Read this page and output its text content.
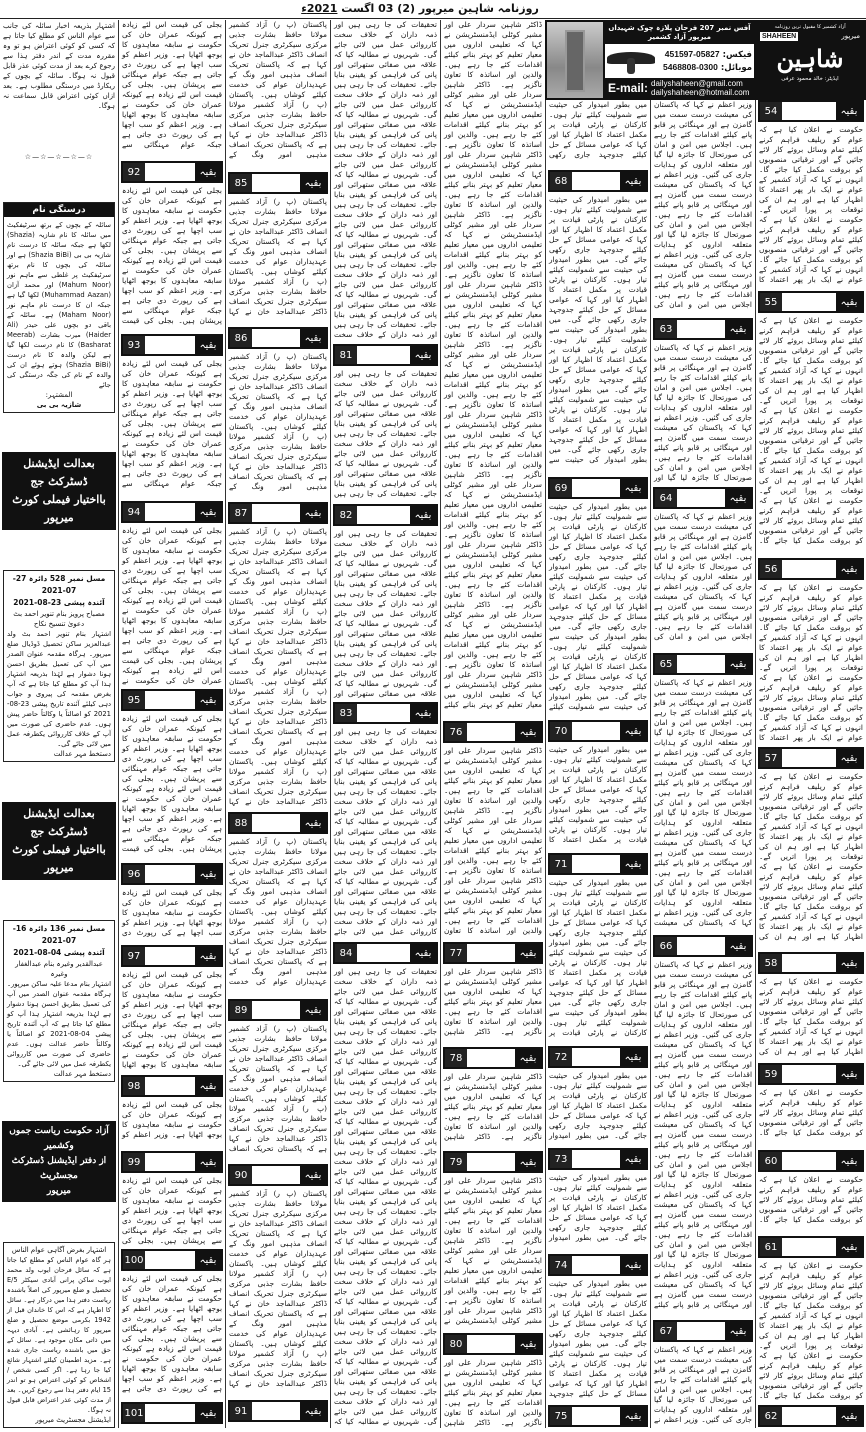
روزنامہ شاہین میرپور (2) 03 اگست 2021ء
آفس نمبر 207 فرحان پلازہ چوک شہیداں میرپور آزاد کشمیر
فیکس: 05827-451597
موبائل: 0300-5468808
E-mail: dailyshaheen@gmail.com
dailyshaheen@hotmail.com
آزاد کشمیر کا مقبول ترین روزنامہ
میرپور
SHAHEEN
شاہین
ایڈیٹر: خالد محمود عرفی
54	بقیہ
حکومت نے اعلان کیا ہے کہ عوام کو ریلیف فراہم کرنے کیلئے تمام وسائل بروئے کار لائے جائیں گے اور ترقیاتی منصوبوں کو بروقت مکمل کیا جائے گا۔ انہوں نے کہا کہ آزاد کشمیر کے عوام نے ایک بار پھر اعتماد کا اظہار کیا ہے اور ہم ان کی توقعات پر پورا اتریں گے۔ حکومت نے اعلان کیا ہے کہ عوام کو ریلیف فراہم کرنے کیلئے تمام وسائل بروئے کار لائے جائیں گے اور ترقیاتی منصوبوں کو بروقت مکمل کیا جائے گا۔ انہوں نے کہا کہ آزاد کشمیر کے عوام نے ایک بار پھر اعتماد کا
55	بقیہ
حکومت نے اعلان کیا ہے کہ عوام کو ریلیف فراہم کرنے کیلئے تمام وسائل بروئے کار لائے جائیں گے اور ترقیاتی منصوبوں کو بروقت مکمل کیا جائے گا۔ انہوں نے کہا کہ آزاد کشمیر کے عوام نے ایک بار پھر اعتماد کا اظہار کیا ہے اور ہم ان کی توقعات پر پورا اتریں گے۔ حکومت نے اعلان کیا ہے کہ عوام کو ریلیف فراہم کرنے کیلئے تمام وسائل بروئے کار لائے جائیں گے اور ترقیاتی منصوبوں کو بروقت مکمل کیا جائے گا۔ انہوں نے کہا کہ آزاد کشمیر کے عوام نے ایک بار پھر اعتماد کا اظہار کیا ہے اور ہم ان کی توقعات پر پورا اتریں گے۔ حکومت نے اعلان کیا ہے کہ عوام کو ریلیف فراہم کرنے کیلئے تمام وسائل بروئے کار لائے جائیں گے اور ترقیاتی منصوبوں کو بروقت مکمل کیا جائے گا۔
56	بقیہ
حکومت نے اعلان کیا ہے کہ عوام کو ریلیف فراہم کرنے کیلئے تمام وسائل بروئے کار لائے جائیں گے اور ترقیاتی منصوبوں کو بروقت مکمل کیا جائے گا۔ انہوں نے کہا کہ آزاد کشمیر کے عوام نے ایک بار پھر اعتماد کا اظہار کیا ہے اور ہم ان کی توقعات پر پورا اتریں گے۔ حکومت نے اعلان کیا ہے کہ عوام کو ریلیف فراہم کرنے کیلئے تمام وسائل بروئے کار لائے جائیں گے اور ترقیاتی منصوبوں کو بروقت مکمل کیا جائے گا۔ انہوں نے کہا کہ آزاد کشمیر کے عوام نے ایک بار پھر اعتماد کا
57	بقیہ
حکومت نے اعلان کیا ہے کہ عوام کو ریلیف فراہم کرنے کیلئے تمام وسائل بروئے کار لائے جائیں گے اور ترقیاتی منصوبوں کو بروقت مکمل کیا جائے گا۔ انہوں نے کہا کہ آزاد کشمیر کے عوام نے ایک بار پھر اعتماد کا اظہار کیا ہے اور ہم ان کی توقعات پر پورا اتریں گے۔ حکومت نے اعلان کیا ہے کہ عوام کو ریلیف فراہم کرنے کیلئے تمام وسائل بروئے کار لائے جائیں گے اور ترقیاتی منصوبوں کو بروقت مکمل کیا جائے گا۔ انہوں نے کہا کہ آزاد کشمیر کے عوام نے ایک بار پھر اعتماد کا اظہار کیا ہے اور ہم ان کی
58	بقیہ
حکومت نے اعلان کیا ہے کہ عوام کو ریلیف فراہم کرنے کیلئے تمام وسائل بروئے کار لائے جائیں گے اور ترقیاتی منصوبوں کو بروقت مکمل کیا جائے گا۔ انہوں نے کہا کہ آزاد کشمیر کے عوام نے ایک بار پھر اعتماد کا اظہار کیا ہے اور ہم ان کی
59	بقیہ
حکومت نے اعلان کیا ہے کہ عوام کو ریلیف فراہم کرنے کیلئے تمام وسائل بروئے کار لائے جائیں گے اور ترقیاتی منصوبوں کو بروقت مکمل کیا جائے گا۔
60	بقیہ
حکومت نے اعلان کیا ہے کہ عوام کو ریلیف فراہم کرنے کیلئے تمام وسائل بروئے کار لائے جائیں گے اور ترقیاتی منصوبوں کو بروقت مکمل کیا جائے گا۔
61	بقیہ
حکومت نے اعلان کیا ہے کہ عوام کو ریلیف فراہم کرنے کیلئے تمام وسائل بروئے کار لائے جائیں گے اور ترقیاتی منصوبوں کو بروقت مکمل کیا جائے گا۔ انہوں نے کہا کہ آزاد کشمیر کے عوام نے ایک بار پھر اعتماد کا اظہار کیا ہے اور ہم ان کی توقعات پر پورا اتریں گے۔ حکومت نے اعلان کیا ہے کہ عوام کو ریلیف فراہم کرنے کیلئے تمام وسائل بروئے کار لائے جائیں گے اور ترقیاتی منصوبوں کو بروقت مکمل کیا جائے گا۔
62	بقیہ
وزیر اعظم نے کہا کہ پاکستان کی معیشت درست سمت میں گامزن ہے اور مہنگائی پر قابو پانے کیلئے اقدامات کئے جا رہے ہیں۔ اجلاس میں امن و امان کی صورتحال کا جائزہ لیا گیا اور متعلقہ اداروں کو ہدایات جاری کی گئیں۔ وزیر اعظم نے کہا کہ پاکستان کی معیشت درست سمت میں گامزن ہے اور مہنگائی پر قابو پانے کیلئے اقدامات کئے جا رہے ہیں۔ اجلاس میں امن و امان کی صورتحال کا جائزہ لیا گیا اور متعلقہ اداروں کو ہدایات جاری کی گئیں۔ وزیر اعظم نے کہا کہ پاکستان کی معیشت درست سمت میں گامزن ہے اور مہنگائی پر قابو پانے کیلئے اقدامات کئے جا رہے ہیں۔ اجلاس میں امن و امان کی
63	بقیہ
وزیر اعظم نے کہا کہ پاکستان کی معیشت درست سمت میں گامزن ہے اور مہنگائی پر قابو پانے کیلئے اقدامات کئے جا رہے ہیں۔ اجلاس میں امن و امان کی صورتحال کا جائزہ لیا گیا اور متعلقہ اداروں کو ہدایات جاری کی گئیں۔ وزیر اعظم نے کہا کہ پاکستان کی معیشت درست سمت میں گامزن ہے اور مہنگائی پر قابو پانے کیلئے اقدامات کئے جا رہے ہیں۔ اجلاس میں امن و امان کی صورتحال کا جائزہ لیا گیا اور
64	بقیہ
وزیر اعظم نے کہا کہ پاکستان کی معیشت درست سمت میں گامزن ہے اور مہنگائی پر قابو پانے کیلئے اقدامات کئے جا رہے ہیں۔ اجلاس میں امن و امان کی صورتحال کا جائزہ لیا گیا اور متعلقہ اداروں کو ہدایات جاری کی گئیں۔ وزیر اعظم نے کہا کہ پاکستان کی معیشت درست سمت میں گامزن ہے اور مہنگائی پر قابو پانے کیلئے اقدامات کئے جا رہے ہیں۔ اجلاس میں امن و امان کی
65	بقیہ
وزیر اعظم نے کہا کہ پاکستان کی معیشت درست سمت میں گامزن ہے اور مہنگائی پر قابو پانے کیلئے اقدامات کئے جا رہے ہیں۔ اجلاس میں امن و امان کی صورتحال کا جائزہ لیا گیا اور متعلقہ اداروں کو ہدایات جاری کی گئیں۔ وزیر اعظم نے کہا کہ پاکستان کی معیشت درست سمت میں گامزن ہے اور مہنگائی پر قابو پانے کیلئے اقدامات کئے جا رہے ہیں۔ اجلاس میں امن و امان کی صورتحال کا جائزہ لیا گیا اور متعلقہ اداروں کو ہدایات جاری کی گئیں۔ وزیر اعظم نے کہا کہ پاکستان کی معیشت درست سمت میں گامزن ہے اور مہنگائی پر قابو پانے کیلئے اقدامات کئے جا رہے ہیں۔ اجلاس میں امن و امان کی صورتحال کا جائزہ لیا گیا اور متعلقہ اداروں کو ہدایات جاری کی گئیں۔ وزیر اعظم نے کہا کہ پاکستان کی معیشت
66	بقیہ
وزیر اعظم نے کہا کہ پاکستان کی معیشت درست سمت میں گامزن ہے اور مہنگائی پر قابو پانے کیلئے اقدامات کئے جا رہے ہیں۔ اجلاس میں امن و امان کی صورتحال کا جائزہ لیا گیا اور متعلقہ اداروں کو ہدایات جاری کی گئیں۔ وزیر اعظم نے کہا کہ پاکستان کی معیشت درست سمت میں گامزن ہے اور مہنگائی پر قابو پانے کیلئے اقدامات کئے جا رہے ہیں۔ اجلاس میں امن و امان کی صورتحال کا جائزہ لیا گیا اور متعلقہ اداروں کو ہدایات جاری کی گئیں۔ وزیر اعظم نے کہا کہ پاکستان کی معیشت درست سمت میں گامزن ہے اور مہنگائی پر قابو پانے کیلئے اقدامات کئے جا رہے ہیں۔ اجلاس میں امن و امان کی صورتحال کا جائزہ لیا گیا اور متعلقہ اداروں کو ہدایات جاری کی گئیں۔ وزیر اعظم نے کہا کہ پاکستان کی معیشت درست سمت میں گامزن ہے اور مہنگائی پر قابو پانے کیلئے اقدامات کئے جا رہے ہیں۔ اجلاس میں امن و امان کی صورتحال کا جائزہ لیا گیا اور متعلقہ اداروں کو ہدایات جاری کی گئیں۔ وزیر اعظم نے کہا کہ پاکستان کی معیشت درست سمت میں گامزن ہے اور مہنگائی پر قابو پانے کیلئے
67	بقیہ
وزیر اعظم نے کہا کہ پاکستان کی معیشت درست سمت میں گامزن ہے اور مہنگائی پر قابو پانے کیلئے اقدامات کئے جا رہے ہیں۔ اجلاس میں امن و امان کی صورتحال کا جائزہ لیا گیا اور متعلقہ اداروں کو ہدایات جاری کی گئیں۔ وزیر اعظم نے
میں بطور امیدوار کی حیثیت سے شمولیت کیلئے تیار ہوں۔ کارکنان نے پارٹی قیادت پر مکمل اعتماد کا اظہار کیا اور کہا کہ عوامی مسائل کے حل کیلئے جدوجہد جاری رکھی
68	بقیہ
میں بطور امیدوار کی حیثیت سے شمولیت کیلئے تیار ہوں۔ کارکنان نے پارٹی قیادت پر مکمل اعتماد کا اظہار کیا اور کہا کہ عوامی مسائل کے حل کیلئے جدوجہد جاری رکھی جائے گی۔ میں بطور امیدوار کی حیثیت سے شمولیت کیلئے تیار ہوں۔ کارکنان نے پارٹی قیادت پر مکمل اعتماد کا اظہار کیا اور کہا کہ عوامی مسائل کے حل کیلئے جدوجہد جاری رکھی جائے گی۔ میں بطور امیدوار کی حیثیت سے شمولیت کیلئے تیار ہوں۔ کارکنان نے پارٹی قیادت پر مکمل اعتماد کا اظہار کیا اور کہا کہ عوامی مسائل کے حل کیلئے جدوجہد جاری رکھی جائے گی۔ میں بطور امیدوار کی حیثیت سے شمولیت کیلئے تیار ہوں۔ کارکنان نے پارٹی قیادت پر مکمل اعتماد کا اظہار کیا اور کہا کہ عوامی مسائل کے حل کیلئے جدوجہد جاری رکھی جائے گی۔ میں بطور امیدوار کی حیثیت سے
69	بقیہ
میں بطور امیدوار کی حیثیت سے شمولیت کیلئے تیار ہوں۔ کارکنان نے پارٹی قیادت پر مکمل اعتماد کا اظہار کیا اور کہا کہ عوامی مسائل کے حل کیلئے جدوجہد جاری رکھی جائے گی۔ میں بطور امیدوار کی حیثیت سے شمولیت کیلئے تیار ہوں۔ کارکنان نے پارٹی قیادت پر مکمل اعتماد کا اظہار کیا اور کہا کہ عوامی مسائل کے حل کیلئے جدوجہد جاری رکھی جائے گی۔ میں بطور امیدوار کی حیثیت سے شمولیت کیلئے تیار ہوں۔ کارکنان نے پارٹی قیادت پر مکمل اعتماد کا اظہار کیا اور کہا کہ عوامی مسائل کے حل کیلئے جدوجہد جاری رکھی جائے گی۔ میں بطور امیدوار کی حیثیت سے شمولیت کیلئے
70	بقیہ
میں بطور امیدوار کی حیثیت سے شمولیت کیلئے تیار ہوں۔ کارکنان نے پارٹی قیادت پر مکمل اعتماد کا اظہار کیا اور کہا کہ عوامی مسائل کے حل کیلئے جدوجہد جاری رکھی جائے گی۔ میں بطور امیدوار کی حیثیت سے شمولیت کیلئے تیار ہوں۔ کارکنان نے پارٹی قیادت پر مکمل اعتماد کا
71	بقیہ
میں بطور امیدوار کی حیثیت سے شمولیت کیلئے تیار ہوں۔ کارکنان نے پارٹی قیادت پر مکمل اعتماد کا اظہار کیا اور کہا کہ عوامی مسائل کے حل کیلئے جدوجہد جاری رکھی جائے گی۔ میں بطور امیدوار کی حیثیت سے شمولیت کیلئے تیار ہوں۔ کارکنان نے پارٹی قیادت پر مکمل اعتماد کا اظہار کیا اور کہا کہ عوامی مسائل کے حل کیلئے جدوجہد جاری رکھی جائے گی۔ میں بطور امیدوار کی حیثیت سے شمولیت کیلئے تیار ہوں۔ کارکنان نے پارٹی قیادت پر
72	بقیہ
میں بطور امیدوار کی حیثیت سے شمولیت کیلئے تیار ہوں۔ کارکنان نے پارٹی قیادت پر مکمل اعتماد کا اظہار کیا اور کہا کہ عوامی مسائل کے حل کیلئے جدوجہد جاری رکھی جائے گی۔ میں بطور امیدوار
73	بقیہ
میں بطور امیدوار کی حیثیت سے شمولیت کیلئے تیار ہوں۔ کارکنان نے پارٹی قیادت پر مکمل اعتماد کا اظہار کیا اور کہا کہ عوامی مسائل کے حل کیلئے جدوجہد جاری رکھی جائے گی۔ میں بطور امیدوار
74	بقیہ
میں بطور امیدوار کی حیثیت سے شمولیت کیلئے تیار ہوں۔ کارکنان نے پارٹی قیادت پر مکمل اعتماد کا اظہار کیا اور کہا کہ عوامی مسائل کے حل کیلئے جدوجہد جاری رکھی جائے گی۔ میں بطور امیدوار کی حیثیت سے شمولیت کیلئے تیار ہوں۔ کارکنان نے پارٹی قیادت پر مکمل اعتماد کا اظہار کیا اور کہا کہ عوامی مسائل کے حل کیلئے جدوجہد
75	بقیہ
ڈاکٹر شاہین سردار علی اور مشیر کوٹلی ایڈمنسٹریشن نے کہا کہ تعلیمی اداروں میں معیار تعلیم کو بہتر بنانے کیلئے اقدامات کئے جا رہے ہیں۔ والدین اور اساتذہ کا تعاون ناگزیر ہے۔ ڈاکٹر شاہین سردار علی اور مشیر کوٹلی ایڈمنسٹریشن نے کہا کہ تعلیمی اداروں میں معیار تعلیم کو بہتر بنانے کیلئے اقدامات کئے جا رہے ہیں۔ والدین اور اساتذہ کا تعاون ناگزیر ہے۔ ڈاکٹر شاہین سردار علی اور مشیر کوٹلی ایڈمنسٹریشن نے کہا کہ تعلیمی اداروں میں معیار تعلیم کو بہتر بنانے کیلئے اقدامات کئے جا رہے ہیں۔ والدین اور اساتذہ کا تعاون ناگزیر ہے۔ ڈاکٹر شاہین سردار علی اور مشیر کوٹلی ایڈمنسٹریشن نے کہا کہ تعلیمی اداروں میں معیار تعلیم کو بہتر بنانے کیلئے اقدامات کئے جا رہے ہیں۔ والدین اور اساتذہ کا تعاون ناگزیر ہے۔ ڈاکٹر شاہین سردار علی اور مشیر کوٹلی ایڈمنسٹریشن نے کہا کہ تعلیمی اداروں میں معیار تعلیم کو بہتر بنانے کیلئے اقدامات کئے جا رہے ہیں۔ والدین اور اساتذہ کا تعاون ناگزیر ہے۔ ڈاکٹر شاہین سردار علی اور مشیر کوٹلی ایڈمنسٹریشن نے کہا کہ تعلیمی اداروں میں معیار تعلیم کو بہتر بنانے کیلئے اقدامات کئے جا رہے ہیں۔ والدین اور اساتذہ کا تعاون ناگزیر ہے۔ ڈاکٹر شاہین سردار علی اور مشیر کوٹلی ایڈمنسٹریشن نے کہا کہ تعلیمی اداروں میں معیار تعلیم کو بہتر بنانے کیلئے اقدامات کئے جا رہے ہیں۔ والدین اور اساتذہ کا تعاون ناگزیر ہے۔ ڈاکٹر شاہین سردار علی اور مشیر کوٹلی ایڈمنسٹریشن نے کہا کہ تعلیمی اداروں میں معیار تعلیم کو بہتر بنانے کیلئے اقدامات کئے جا رہے ہیں۔ والدین اور اساتذہ کا تعاون ناگزیر ہے۔ ڈاکٹر شاہین سردار علی اور مشیر کوٹلی ایڈمنسٹریشن نے کہا کہ تعلیمی اداروں میں معیار تعلیم کو بہتر بنانے کیلئے اقدامات کئے جا رہے ہیں۔ والدین اور اساتذہ کا تعاون ناگزیر ہے۔ ڈاکٹر شاہین سردار علی اور مشیر کوٹلی ایڈمنسٹریشن نے کہا کہ تعلیمی اداروں میں معیار تعلیم کو بہتر بنانے کیلئے اقدامات کئے جا رہے ہیں۔ والدین اور اساتذہ کا تعاون ناگزیر ہے۔ ڈاکٹر شاہین سردار علی اور مشیر کوٹلی ایڈمنسٹریشن نے کہا کہ تعلیمی اداروں میں معیار تعلیم کو بہتر بنانے کیلئے
76	بقیہ
ڈاکٹر شاہین سردار علی اور مشیر کوٹلی ایڈمنسٹریشن نے کہا کہ تعلیمی اداروں میں معیار تعلیم کو بہتر بنانے کیلئے اقدامات کئے جا رہے ہیں۔ والدین اور اساتذہ کا تعاون ناگزیر ہے۔ ڈاکٹر شاہین سردار علی اور مشیر کوٹلی ایڈمنسٹریشن نے کہا کہ تعلیمی اداروں میں معیار تعلیم کو بہتر بنانے کیلئے اقدامات کئے جا رہے ہیں۔ والدین اور اساتذہ کا تعاون ناگزیر ہے۔ ڈاکٹر شاہین سردار علی اور مشیر کوٹلی ایڈمنسٹریشن نے کہا کہ تعلیمی اداروں میں معیار تعلیم کو بہتر بنانے کیلئے اقدامات کئے جا رہے ہیں۔ والدین اور اساتذہ کا تعاون
77	بقیہ
ڈاکٹر شاہین سردار علی اور مشیر کوٹلی ایڈمنسٹریشن نے کہا کہ تعلیمی اداروں میں معیار تعلیم کو بہتر بنانے کیلئے اقدامات کئے جا رہے ہیں۔ والدین اور اساتذہ کا تعاون ناگزیر ہے۔ ڈاکٹر شاہین
78	بقیہ
ڈاکٹر شاہین سردار علی اور مشیر کوٹلی ایڈمنسٹریشن نے کہا کہ تعلیمی اداروں میں معیار تعلیم کو بہتر بنانے کیلئے اقدامات کئے جا رہے ہیں۔ والدین اور اساتذہ کا تعاون ناگزیر ہے۔ ڈاکٹر شاہین
79	بقیہ
ڈاکٹر شاہین سردار علی اور مشیر کوٹلی ایڈمنسٹریشن نے کہا کہ تعلیمی اداروں میں معیار تعلیم کو بہتر بنانے کیلئے اقدامات کئے جا رہے ہیں۔ والدین اور اساتذہ کا تعاون ناگزیر ہے۔ ڈاکٹر شاہین سردار علی اور مشیر کوٹلی ایڈمنسٹریشن نے کہا کہ تعلیمی اداروں میں معیار تعلیم کو بہتر بنانے کیلئے اقدامات کئے جا رہے ہیں۔ والدین اور اساتذہ کا تعاون ناگزیر ہے۔ ڈاکٹر شاہین سردار علی اور مشیر کوٹلی ایڈمنسٹریشن نے
80	بقیہ
ڈاکٹر شاہین سردار علی اور مشیر کوٹلی ایڈمنسٹریشن نے کہا کہ تعلیمی اداروں میں معیار تعلیم کو بہتر بنانے کیلئے اقدامات کئے جا رہے ہیں۔ والدین اور اساتذہ کا تعاون ناگزیر ہے۔ ڈاکٹر شاہین
تحقیقات کی جا رہی ہیں اور ذمہ داران کے خلاف سخت کارروائی عمل میں لائی جائے گی۔ شہریوں نے مطالبہ کیا کہ علاقہ میں صفائی ستھرائی اور پانی کی فراہمی کو یقینی بنایا جائے۔ تحقیقات کی جا رہی ہیں اور ذمہ داران کے خلاف سخت کارروائی عمل میں لائی جائے گی۔ شہریوں نے مطالبہ کیا کہ علاقہ میں صفائی ستھرائی اور پانی کی فراہمی کو یقینی بنایا جائے۔ تحقیقات کی جا رہی ہیں اور ذمہ داران کے خلاف سخت کارروائی عمل میں لائی جائے گی۔ شہریوں نے مطالبہ کیا کہ علاقہ میں صفائی ستھرائی اور پانی کی فراہمی کو یقینی بنایا جائے۔ تحقیقات کی جا رہی ہیں اور ذمہ داران کے خلاف سخت کارروائی عمل میں لائی جائے گی۔ شہریوں نے مطالبہ کیا کہ علاقہ میں صفائی ستھرائی اور پانی کی فراہمی کو یقینی بنایا جائے۔ تحقیقات کی جا رہی ہیں اور ذمہ داران کے خلاف سخت کارروائی عمل میں لائی جائے گی۔ شہریوں نے مطالبہ کیا کہ علاقہ میں صفائی ستھرائی اور پانی کی فراہمی کو یقینی بنایا جائے۔ تحقیقات کی جا رہی ہیں اور ذمہ داران کے خلاف سخت
81	بقیہ
تحقیقات کی جا رہی ہیں اور ذمہ داران کے خلاف سخت کارروائی عمل میں لائی جائے گی۔ شہریوں نے مطالبہ کیا کہ علاقہ میں صفائی ستھرائی اور پانی کی فراہمی کو یقینی بنایا جائے۔ تحقیقات کی جا رہی ہیں اور ذمہ داران کے خلاف سخت کارروائی عمل میں لائی جائے گی۔ شہریوں نے مطالبہ کیا کہ علاقہ میں صفائی ستھرائی اور پانی کی فراہمی کو یقینی بنایا جائے۔ تحقیقات کی جا رہی ہیں
82	بقیہ
تحقیقات کی جا رہی ہیں اور ذمہ داران کے خلاف سخت کارروائی عمل میں لائی جائے گی۔ شہریوں نے مطالبہ کیا کہ علاقہ میں صفائی ستھرائی اور پانی کی فراہمی کو یقینی بنایا جائے۔ تحقیقات کی جا رہی ہیں اور ذمہ داران کے خلاف سخت کارروائی عمل میں لائی جائے گی۔ شہریوں نے مطالبہ کیا کہ علاقہ میں صفائی ستھرائی اور پانی کی فراہمی کو یقینی بنایا جائے۔ تحقیقات کی جا رہی ہیں اور ذمہ داران کے خلاف سخت کارروائی عمل میں لائی جائے گی۔ شہریوں نے مطالبہ کیا کہ علاقہ میں صفائی ستھرائی اور
83	بقیہ
تحقیقات کی جا رہی ہیں اور ذمہ داران کے خلاف سخت کارروائی عمل میں لائی جائے گی۔ شہریوں نے مطالبہ کیا کہ علاقہ میں صفائی ستھرائی اور پانی کی فراہمی کو یقینی بنایا جائے۔ تحقیقات کی جا رہی ہیں اور ذمہ داران کے خلاف سخت کارروائی عمل میں لائی جائے گی۔ شہریوں نے مطالبہ کیا کہ علاقہ میں صفائی ستھرائی اور پانی کی فراہمی کو یقینی بنایا جائے۔ تحقیقات کی جا رہی ہیں اور ذمہ داران کے خلاف سخت کارروائی عمل میں لائی جائے گی۔ شہریوں نے مطالبہ کیا کہ علاقہ میں صفائی ستھرائی اور پانی کی فراہمی کو یقینی بنایا جائے۔ تحقیقات کی جا رہی ہیں اور ذمہ داران کے خلاف سخت کارروائی عمل میں لائی جائے
84	بقیہ
تحقیقات کی جا رہی ہیں اور ذمہ داران کے خلاف سخت کارروائی عمل میں لائی جائے گی۔ شہریوں نے مطالبہ کیا کہ علاقہ میں صفائی ستھرائی اور پانی کی فراہمی کو یقینی بنایا جائے۔ تحقیقات کی جا رہی ہیں اور ذمہ داران کے خلاف سخت کارروائی عمل میں لائی جائے گی۔ شہریوں نے مطالبہ کیا کہ علاقہ میں صفائی ستھرائی اور پانی کی فراہمی کو یقینی بنایا جائے۔ تحقیقات کی جا رہی ہیں اور ذمہ داران کے خلاف سخت کارروائی عمل میں لائی جائے گی۔ شہریوں نے مطالبہ کیا کہ علاقہ میں صفائی ستھرائی اور پانی کی فراہمی کو یقینی بنایا جائے۔ تحقیقات کی جا رہی ہیں اور ذمہ داران کے خلاف سخت کارروائی عمل میں لائی جائے گی۔ شہریوں نے مطالبہ کیا کہ علاقہ میں صفائی ستھرائی اور پانی کی فراہمی کو یقینی بنایا جائے۔ تحقیقات کی جا رہی ہیں اور ذمہ داران کے خلاف سخت کارروائی عمل میں لائی جائے گی۔ شہریوں نے مطالبہ کیا کہ علاقہ میں صفائی ستھرائی اور پانی کی فراہمی کو یقینی بنایا جائے۔ تحقیقات کی جا رہی ہیں اور ذمہ داران کے خلاف سخت کارروائی عمل میں لائی جائے گی۔ شہریوں نے مطالبہ کیا کہ علاقہ میں صفائی ستھرائی اور پانی کی فراہمی کو یقینی بنایا جائے۔ تحقیقات کی جا رہی ہیں اور ذمہ داران کے خلاف سخت کارروائی عمل میں لائی جائے گی۔ شہریوں نے مطالبہ کیا کہ علاقہ میں صفائی ستھرائی اور پانی کی فراہمی کو یقینی بنایا جائے۔ تحقیقات کی جا رہی ہیں اور ذمہ داران کے خلاف سخت کارروائی عمل میں لائی جائے گی۔ شہریوں نے مطالبہ کیا کہ
پاکستان (پ ر) آزاد کشمیر مولانا حافظ بشارت جذبی مرکزی سیکرٹری جنرل تحریک انصاف ڈاکٹر عبدالماجد خان نے کہا ہے کہ پاکستان تحریک انصاف مذہبی امور ونگ کے عہدیداران عوام کی خدمت کیلئے کوشاں ہیں۔ پاکستان (پ ر) آزاد کشمیر مولانا حافظ بشارت جذبی مرکزی سیکرٹری جنرل تحریک انصاف ڈاکٹر عبدالماجد خان نے کہا ہے کہ پاکستان تحریک انصاف مذہبی امور ونگ کے
85	بقیہ
پاکستان (پ ر) آزاد کشمیر مولانا حافظ بشارت جذبی مرکزی سیکرٹری جنرل تحریک انصاف ڈاکٹر عبدالماجد خان نے کہا ہے کہ پاکستان تحریک انصاف مذہبی امور ونگ کے عہدیداران عوام کی خدمت کیلئے کوشاں ہیں۔ پاکستان (پ ر) آزاد کشمیر مولانا حافظ بشارت جذبی مرکزی سیکرٹری جنرل تحریک انصاف ڈاکٹر عبدالماجد خان نے کہا
86	بقیہ
پاکستان (پ ر) آزاد کشمیر مولانا حافظ بشارت جذبی مرکزی سیکرٹری جنرل تحریک انصاف ڈاکٹر عبدالماجد خان نے کہا ہے کہ پاکستان تحریک انصاف مذہبی امور ونگ کے عہدیداران عوام کی خدمت کیلئے کوشاں ہیں۔ پاکستان (پ ر) آزاد کشمیر مولانا حافظ بشارت جذبی مرکزی سیکرٹری جنرل تحریک انصاف ڈاکٹر عبدالماجد خان نے کہا ہے کہ پاکستان تحریک انصاف مذہبی امور ونگ کے
87	بقیہ
پاکستان (پ ر) آزاد کشمیر مولانا حافظ بشارت جذبی مرکزی سیکرٹری جنرل تحریک انصاف ڈاکٹر عبدالماجد خان نے کہا ہے کہ پاکستان تحریک انصاف مذہبی امور ونگ کے عہدیداران عوام کی خدمت کیلئے کوشاں ہیں۔ پاکستان (پ ر) آزاد کشمیر مولانا حافظ بشارت جذبی مرکزی سیکرٹری جنرل تحریک انصاف ڈاکٹر عبدالماجد خان نے کہا ہے کہ پاکستان تحریک انصاف مذہبی امور ونگ کے عہدیداران عوام کی خدمت کیلئے کوشاں ہیں۔ پاکستان (پ ر) آزاد کشمیر مولانا حافظ بشارت جذبی مرکزی سیکرٹری جنرل تحریک انصاف ڈاکٹر عبدالماجد خان نے کہا ہے کہ پاکستان تحریک انصاف مذہبی امور ونگ کے عہدیداران عوام کی خدمت کیلئے کوشاں ہیں۔ پاکستان (پ ر) آزاد کشمیر مولانا حافظ بشارت جذبی مرکزی سیکرٹری جنرل تحریک انصاف ڈاکٹر عبدالماجد خان نے کہا
88	بقیہ
پاکستان (پ ر) آزاد کشمیر مولانا حافظ بشارت جذبی مرکزی سیکرٹری جنرل تحریک انصاف ڈاکٹر عبدالماجد خان نے کہا ہے کہ پاکستان تحریک انصاف مذہبی امور ونگ کے عہدیداران عوام کی خدمت کیلئے کوشاں ہیں۔ پاکستان (پ ر) آزاد کشمیر مولانا حافظ بشارت جذبی مرکزی سیکرٹری جنرل تحریک انصاف ڈاکٹر عبدالماجد خان نے کہا ہے کہ پاکستان تحریک انصاف مذہبی امور ونگ کے عہدیداران عوام کی خدمت
89	بقیہ
پاکستان (پ ر) آزاد کشمیر مولانا حافظ بشارت جذبی مرکزی سیکرٹری جنرل تحریک انصاف ڈاکٹر عبدالماجد خان نے کہا ہے کہ پاکستان تحریک انصاف مذہبی امور ونگ کے عہدیداران عوام کی خدمت کیلئے کوشاں ہیں۔ پاکستان (پ ر) آزاد کشمیر مولانا حافظ بشارت جذبی مرکزی سیکرٹری جنرل تحریک انصاف ڈاکٹر عبدالماجد خان نے کہا ہے کہ پاکستان تحریک انصاف
90	بقیہ
پاکستان (پ ر) آزاد کشمیر مولانا حافظ بشارت جذبی مرکزی سیکرٹری جنرل تحریک انصاف ڈاکٹر عبدالماجد خان نے کہا ہے کہ پاکستان تحریک انصاف مذہبی امور ونگ کے عہدیداران عوام کی خدمت کیلئے کوشاں ہیں۔ پاکستان (پ ر) آزاد کشمیر مولانا حافظ بشارت جذبی مرکزی سیکرٹری جنرل تحریک انصاف ڈاکٹر عبدالماجد خان نے کہا ہے کہ پاکستان تحریک انصاف مذہبی امور ونگ کے عہدیداران عوام کی خدمت کیلئے کوشاں ہیں۔ پاکستان (پ ر) آزاد کشمیر مولانا حافظ بشارت جذبی مرکزی سیکرٹری جنرل تحریک انصاف ڈاکٹر عبدالماجد خان نے کہا
91	بقیہ
بجلی کی قیمت اس لئے زیادہ ہے کیونکہ عمران خان کی حکومت نے سابقہ معاہدوں کا بوجھ اٹھایا ہے۔ وزیر اعظم کو سب اچھا ہے کی رپورٹ دی جاتی ہے جبکہ عوام مہنگائی سے پریشان ہیں۔ بجلی کی قیمت اس لئے زیادہ ہے کیونکہ عمران خان کی حکومت نے سابقہ معاہدوں کا بوجھ اٹھایا ہے۔ وزیر اعظم کو سب اچھا ہے کی رپورٹ دی جاتی ہے جبکہ عوام مہنگائی سے
92	بقیہ
بجلی کی قیمت اس لئے زیادہ ہے کیونکہ عمران خان کی حکومت نے سابقہ معاہدوں کا بوجھ اٹھایا ہے۔ وزیر اعظم کو سب اچھا ہے کی رپورٹ دی جاتی ہے جبکہ عوام مہنگائی سے پریشان ہیں۔ بجلی کی قیمت اس لئے زیادہ ہے کیونکہ عمران خان کی حکومت نے سابقہ معاہدوں کا بوجھ اٹھایا ہے۔ وزیر اعظم کو سب اچھا ہے کی رپورٹ دی جاتی ہے جبکہ عوام مہنگائی سے پریشان ہیں۔ بجلی کی قیمت
93	بقیہ
بجلی کی قیمت اس لئے زیادہ ہے کیونکہ عمران خان کی حکومت نے سابقہ معاہدوں کا بوجھ اٹھایا ہے۔ وزیر اعظم کو سب اچھا ہے کی رپورٹ دی جاتی ہے جبکہ عوام مہنگائی سے پریشان ہیں۔ بجلی کی قیمت اس لئے زیادہ ہے کیونکہ عمران خان کی حکومت نے سابقہ معاہدوں کا بوجھ اٹھایا ہے۔ وزیر اعظم کو سب اچھا ہے کی رپورٹ دی جاتی ہے جبکہ عوام مہنگائی سے
94	بقیہ
بجلی کی قیمت اس لئے زیادہ ہے کیونکہ عمران خان کی حکومت نے سابقہ معاہدوں کا بوجھ اٹھایا ہے۔ وزیر اعظم کو سب اچھا ہے کی رپورٹ دی جاتی ہے جبکہ عوام مہنگائی سے پریشان ہیں۔ بجلی کی قیمت اس لئے زیادہ ہے کیونکہ عمران خان کی حکومت نے سابقہ معاہدوں کا بوجھ اٹھایا ہے۔ وزیر اعظم کو سب اچھا ہے کی رپورٹ دی جاتی ہے جبکہ عوام مہنگائی سے پریشان ہیں۔ بجلی کی قیمت اس لئے زیادہ ہے کیونکہ عمران خان کی حکومت نے
95	بقیہ
بجلی کی قیمت اس لئے زیادہ ہے کیونکہ عمران خان کی حکومت نے سابقہ معاہدوں کا بوجھ اٹھایا ہے۔ وزیر اعظم کو سب اچھا ہے کی رپورٹ دی جاتی ہے جبکہ عوام مہنگائی سے پریشان ہیں۔ بجلی کی قیمت اس لئے زیادہ ہے کیونکہ عمران خان کی حکومت نے سابقہ معاہدوں کا بوجھ اٹھایا ہے۔ وزیر اعظم کو سب اچھا ہے کی رپورٹ دی جاتی ہے جبکہ عوام مہنگائی سے پریشان ہیں۔ بجلی کی قیمت
96	بقیہ
بجلی کی قیمت اس لئے زیادہ ہے کیونکہ عمران خان کی حکومت نے سابقہ معاہدوں کا بوجھ اٹھایا ہے۔ وزیر اعظم کو سب اچھا ہے کی رپورٹ دی
97	بقیہ
بجلی کی قیمت اس لئے زیادہ ہے کیونکہ عمران خان کی حکومت نے سابقہ معاہدوں کا بوجھ اٹھایا ہے۔ وزیر اعظم کو سب اچھا ہے کی رپورٹ دی جاتی ہے جبکہ عوام مہنگائی سے پریشان ہیں۔ بجلی کی قیمت اس لئے زیادہ ہے کیونکہ عمران خان کی حکومت نے سابقہ معاہدوں کا بوجھ اٹھایا
98	بقیہ
بجلی کی قیمت اس لئے زیادہ ہے کیونکہ عمران خان کی حکومت نے سابقہ معاہدوں کا بوجھ اٹھایا ہے۔ وزیر اعظم کو
99	بقیہ
بجلی کی قیمت اس لئے زیادہ ہے کیونکہ عمران خان کی حکومت نے سابقہ معاہدوں کا بوجھ اٹھایا ہے۔ وزیر اعظم کو سب اچھا ہے کی رپورٹ دی جاتی ہے جبکہ عوام مہنگائی سے پریشان ہیں۔ بجلی کی
100	بقیہ
بجلی کی قیمت اس لئے زیادہ ہے کیونکہ عمران خان کی حکومت نے سابقہ معاہدوں کا بوجھ اٹھایا ہے۔ وزیر اعظم کو سب اچھا ہے کی رپورٹ دی جاتی ہے جبکہ عوام مہنگائی سے پریشان ہیں۔ بجلی کی قیمت اس لئے زیادہ ہے کیونکہ عمران خان کی حکومت نے سابقہ معاہدوں کا بوجھ اٹھایا ہے۔ وزیر اعظم کو سب اچھا ہے کی رپورٹ دی جاتی ہے
101	بقیہ
اشتہار بذریعہ اخبار سائلہ کی جانب سے عوام الناس کو مطلع کیا جاتا ہے کہ کسی کو کوئی اعتراض ہو تو وہ مقررہ مدت کے اندر دفتر ہذا سے رجوع کرے بعد از مدت کوئی عذر قابل قبول نہ ہوگا۔ سائلہ کے بچوں کے ریکارڈ میں درستگی مطلوب ہے۔ بعد ازاں کوئی اعتراض قابل سماعت نہ ہوگا۔
☆—☆—☆—☆—☆
درستگی نام
سائلہ کے بچوں کے برتھ سرٹیفکیٹ میں سائلہ کا نام شازیہ (Shazia) لکھا ہے جبکہ سائلہ کا درست نام شازیہ بی بی (Shazia BiBi) ہے اور سائلہ کی بچوں کا نام برتھ سرٹیفکیٹ پر غلطی سے ماہم نور (Mahum Noor) اور محمد آزان (Muhammad Aazan) لکھا گیا ہے جبکہ ان کا درست نام ماہم نور (Maham Noor) ہے۔ سائلہ کے باقی دو بچوں علی حیدر (Ali Haider) میرب بشارت (Meerab Basharat) کا نام درست لکھا گیا ہے لیکن والدہ کا نام درست (Shazia BiBi) ہوتے ہوئے ان کی والدہ کے نام کی جگہ درستگی کی جائے
المشتہر:
شازیہ بی بی
بعدالت ایڈیشنل ڈسٹرکٹ جج
بااختیار فیملی کورٹ میرپور
مسل نمبر 528 دائرہ 27-07-2021
آئندہ پیشی 23-08-2021
مصباح پرویز بنام تنویر احمد بٹ
دعویٰ تنسیخ نکاح
اشتہار بنام تنویر احمد بٹ ولد عبدالعزیز ساکن تحصیل ڈوڈیال ضلع میرپور۔ ہرگاہ مقدمہ عنوان الصدر میں آپ کی تعمیل بطریق احسن ہونا دشوار ہے لہٰذا بذریعہ اشتہار ہذا آپ کو مطلع کیا جاتا ہے کہ آپ بغرض مقدمہ کی پیروی و جواب دہی کیلئے آئندہ تاریخ پیشی 23-08-2021 کو اصالتاً یا وکالتاً حاضر پیش ہوں۔ عدم حاضری کی صورت میں آپ کے خلاف کارروائی یکطرفہ عمل میں لائی جائے گی۔
دستخط مہر عدالت
بعدالت ایڈیشنل ڈسٹرکٹ جج
بااختیار فیملی کورٹ میرپور
مسل نمبر 136 دائرہ 16-07-2021
آئندہ پیشی 04-08-2021
عبدالقدیر وغیرہ بنام عبدالغفار وغیرہ
اشتہار بنام مدعا علیہ ساکن میرپور۔ ہرگاہ مقدمہ عنوان الصدر میں آپ کی تعمیل بطریق احسن ہونا دشوار ہے لہٰذا بذریعہ اشتہار ہذا آپ کو مطلع کیا جاتا ہے کہ آپ آئندہ تاریخ پیشی 04-08-2021 کو اصالتاً یا وکالتاً حاضر عدالت ہوں۔ عدم حاضری کی صورت میں کارروائی یکطرفہ عمل میں لائی جائے گی۔
دستخط مہر عدالت
آزاد حکومت ریاست جموں وکشمیر
از دفتر ایڈیشنل ڈسٹرکٹ مجسٹریٹ
میرپور
اشتہار بغرض آگاہی عوام الناس
ہر گاہ عوام الناس کو مطلع کیا جاتا ہے کہ سائل فرحان ایوب ولد محمد ایوب ساکن پرانی آبادی سیکٹر E/5 تحصیل و ضلع میرپور کی اصلاً باشندہ ریاست دفتر ہذا میں درکار ہے۔ سائل کا اظہار ہے کہ اس کا خاندان قبل از 1942 بکرمی موضع تحصیل و ضلع میرپور کا رہائشی ہے۔ آبادی دیہہ میں ذاتی مکان موجود ہے۔ سائل کے حق میں باشندہ ریاست جاری شدہ ہے۔ مزید اطمینان کیلئے اشتہار شائع کیا جا رہا ہے۔ اگر کسی شخص / اشخاص کو کوئی اعتراض ہو تو اندر 15 ایام دفتر ہذا سے رجوع کریں۔ بعد از مدت کوئی عذر اعتراض قابل قبول نہ ہوگا۔
ایڈیشنل مجسٹریٹ میرپور
